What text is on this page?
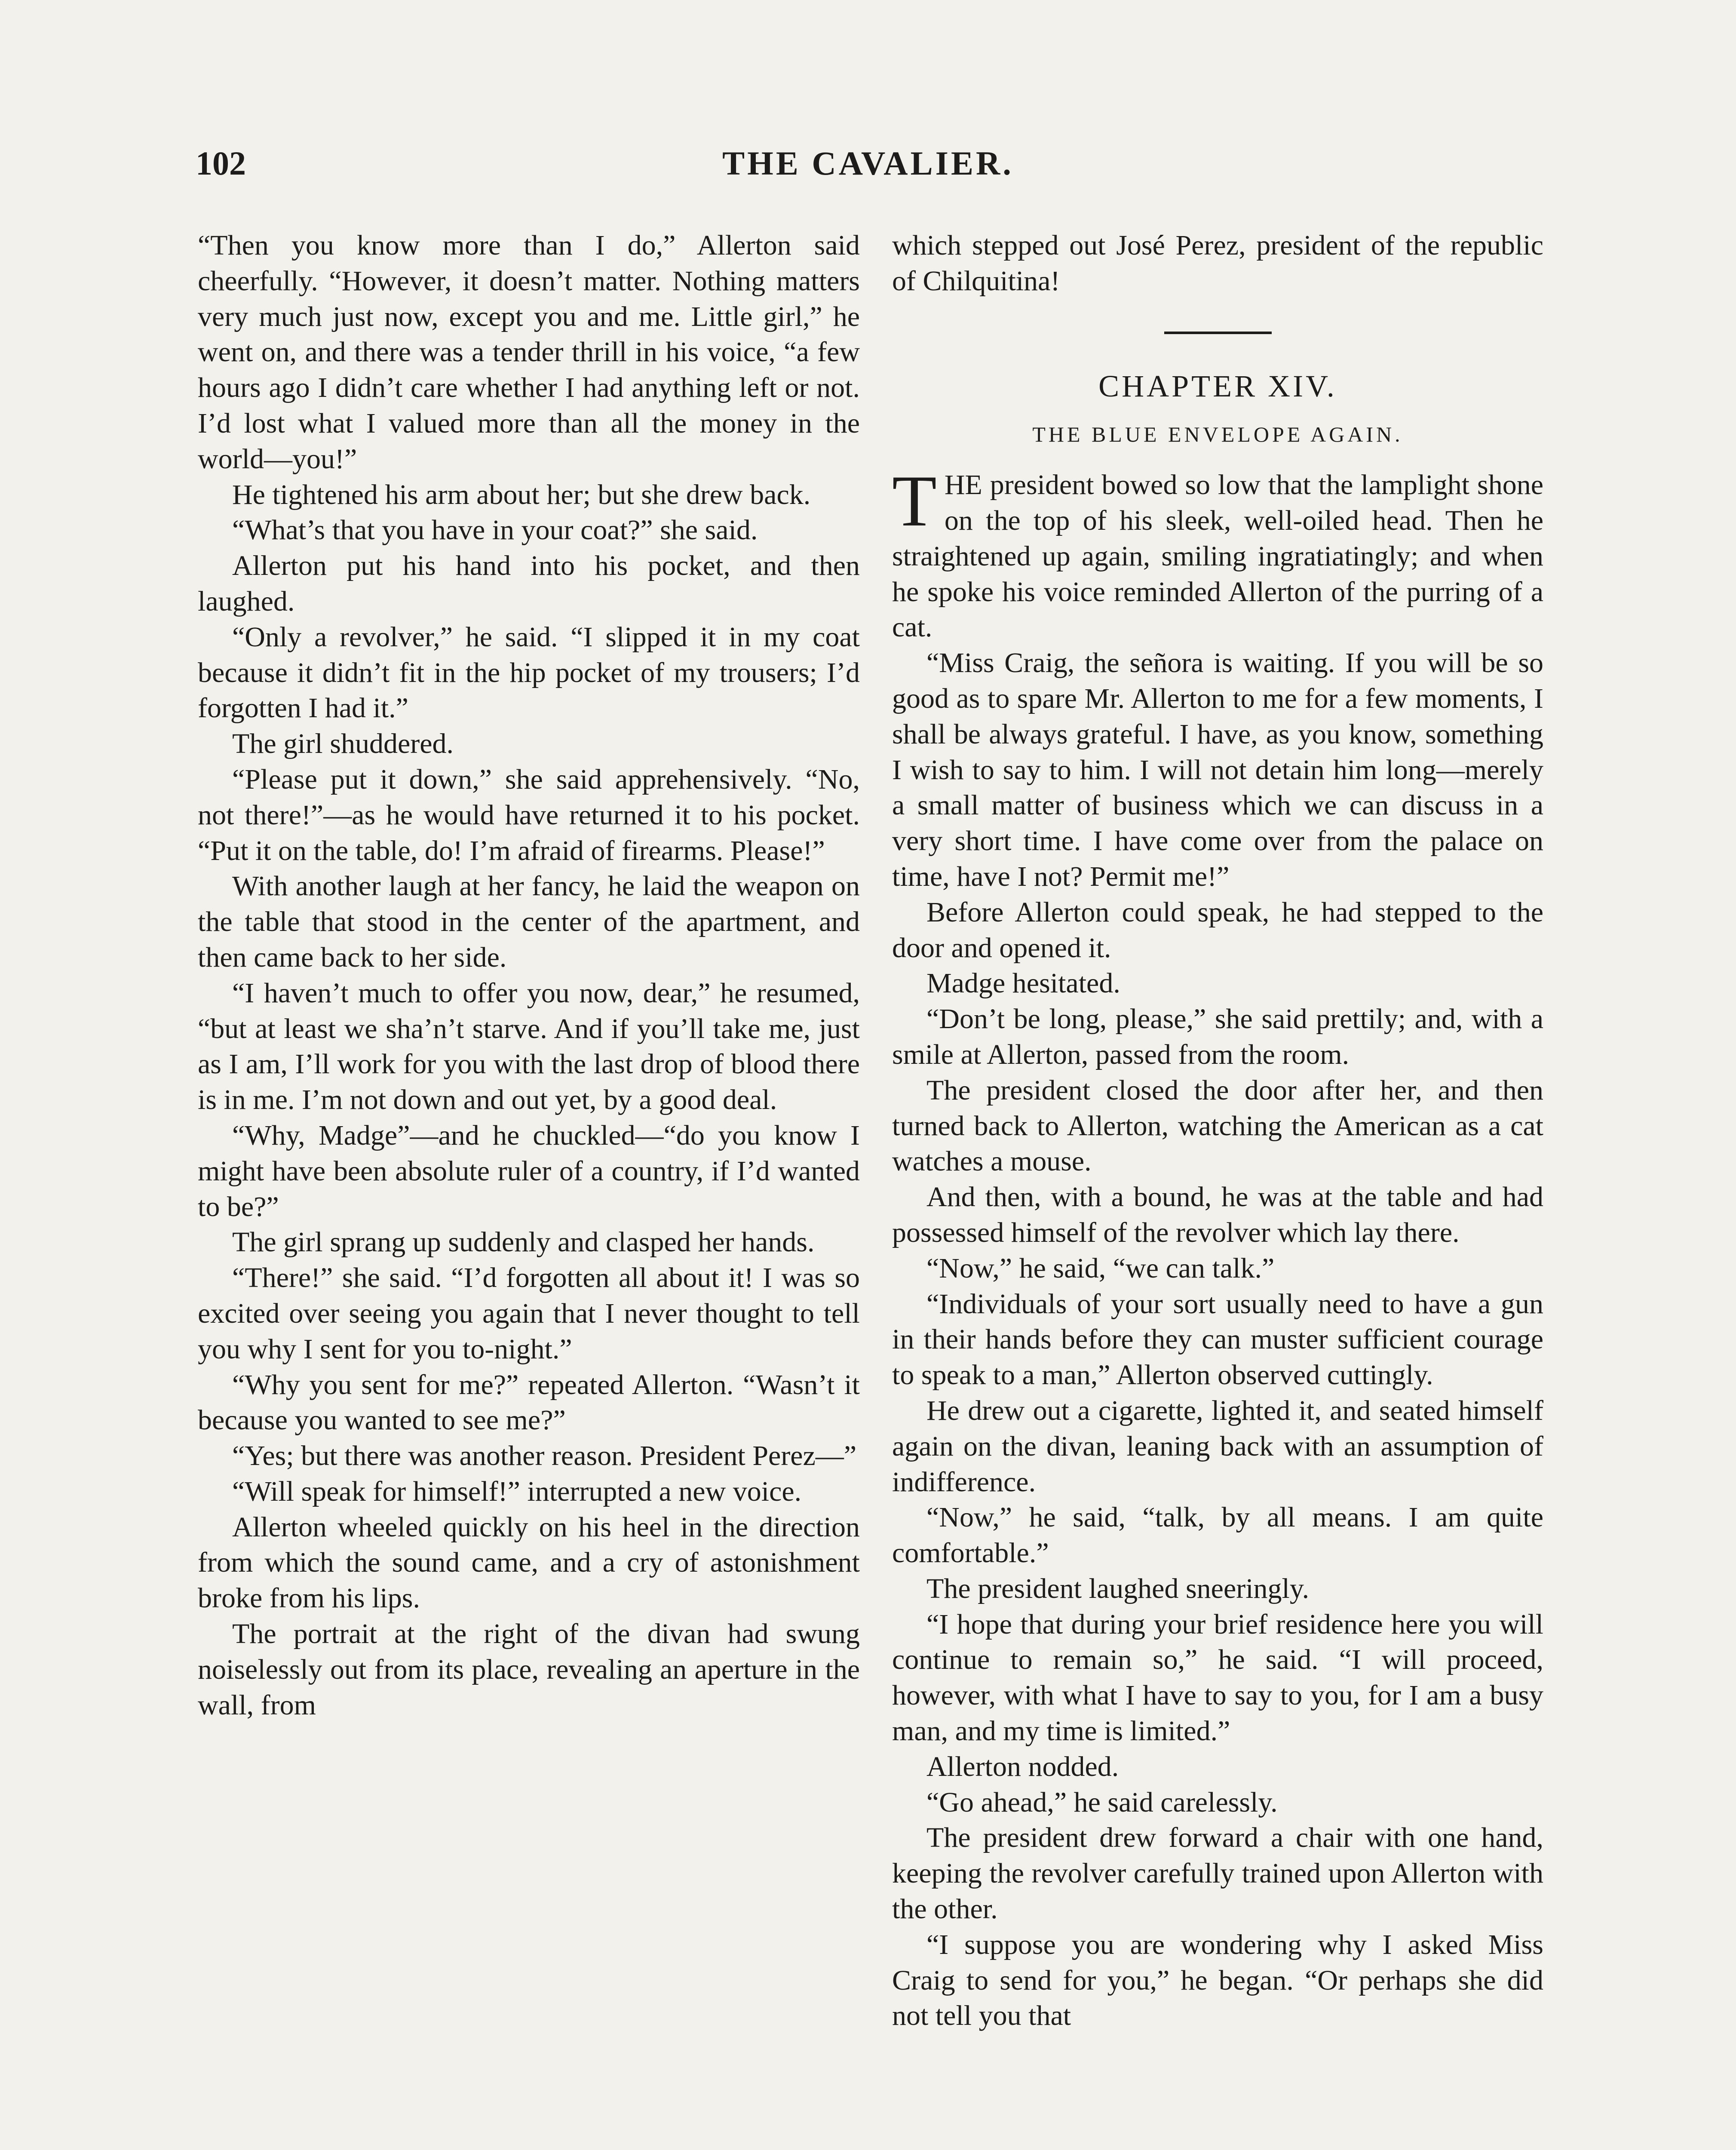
102	THE CAVALIER.

“Then you know more than I do,” Allerton said cheerfully. “However, it doesn’t matter. Nothing matters very much just now, except you and me. Little girl,” he went on, and there was a tender thrill in his voice, “a few hours ago I didn’t care whether I had anything left or not. I’d lost what I valued more than all the money in the world—you!”

He tightened his arm about her; but she drew back.

“What’s that you have in your coat?” she said.

Allerton put his hand into his pocket, and then laughed.

“Only a revolver,” he said. “I slipped it in my coat because it didn’t fit in the hip pocket of my trousers; I’d forgotten I had it.”

The girl shuddered.

“Please put it down,” she said apprehensively. “No, not there!”—as he would have returned it to his pocket. “Put it on the table, do! I’m afraid of firearms. Please!”

With another laugh at her fancy, he laid the weapon on the table that stood in the center of the apartment, and then came back to her side.

“I haven’t much to offer you now, dear,” he resumed, “but at least we sha’n’t starve. And if you’ll take me, just as I am, I’ll work for you with the last drop of blood there is in me. I’m not down and out yet, by a good deal.

“Why, Madge”—and he chuckled—“do you know I might have been absolute ruler of a country, if I’d wanted to be?”

The girl sprang up suddenly and clasped her hands.

“There!” she said. “I’d forgotten all about it! I was so excited over seeing you again that I never thought to tell you why I sent for you to-night.”

“Why you sent for me?” repeated Allerton. “Wasn’t it because you wanted to see me?”

“Yes; but there was another reason. President Perez—”

“Will speak for himself!” interrupted a new voice.

Allerton wheeled quickly on his heel in the direction from which the sound came, and a cry of astonishment broke from his lips.

The portrait at the right of the divan had swung noiselessly out from its place, revealing an aperture in the wall, from

which stepped out José Perez, president of the republic of Chilquitina!

CHAPTER XIV.
THE BLUE ENVELOPE AGAIN.

THE president bowed so low that the lamplight shone on the top of his sleek, well-oiled head. Then he straightened up again, smiling ingratiatingly; and when he spoke his voice reminded Allerton of the purring of a cat.

“Miss Craig, the señora is waiting. If you will be so good as to spare Mr. Allerton to me for a few moments, I shall be always grateful. I have, as you know, something I wish to say to him. I will not detain him long—merely a small matter of business which we can discuss in a very short time. I have come over from the palace on time, have I not? Permit me!”

Before Allerton could speak, he had stepped to the door and opened it.

Madge hesitated.

“Don’t be long, please,” she said prettily; and, with a smile at Allerton, passed from the room.

The president closed the door after her, and then turned back to Allerton, watching the American as a cat watches a mouse.

And then, with a bound, he was at the table and had possessed himself of the revolver which lay there.

“Now,” he said, “we can talk.”

“Individuals of your sort usually need to have a gun in their hands before they can muster sufficient courage to speak to a man,” Allerton observed cuttingly.

He drew out a cigarette, lighted it, and seated himself again on the divan, leaning back with an assumption of indifference.

“Now,” he said, “talk, by all means. I am quite comfortable.”

The president laughed sneeringly.

“I hope that during your brief residence here you will continue to remain so,” he said. “I will proceed, however, with what I have to say to you, for I am a busy man, and my time is limited.”

Allerton nodded.

“Go ahead,” he said carelessly.

The president drew forward a chair with one hand, keeping the revolver carefully trained upon Allerton with the other.

“I suppose you are wondering why I asked Miss Craig to send for you,” he began. “Or perhaps she did not tell you that
